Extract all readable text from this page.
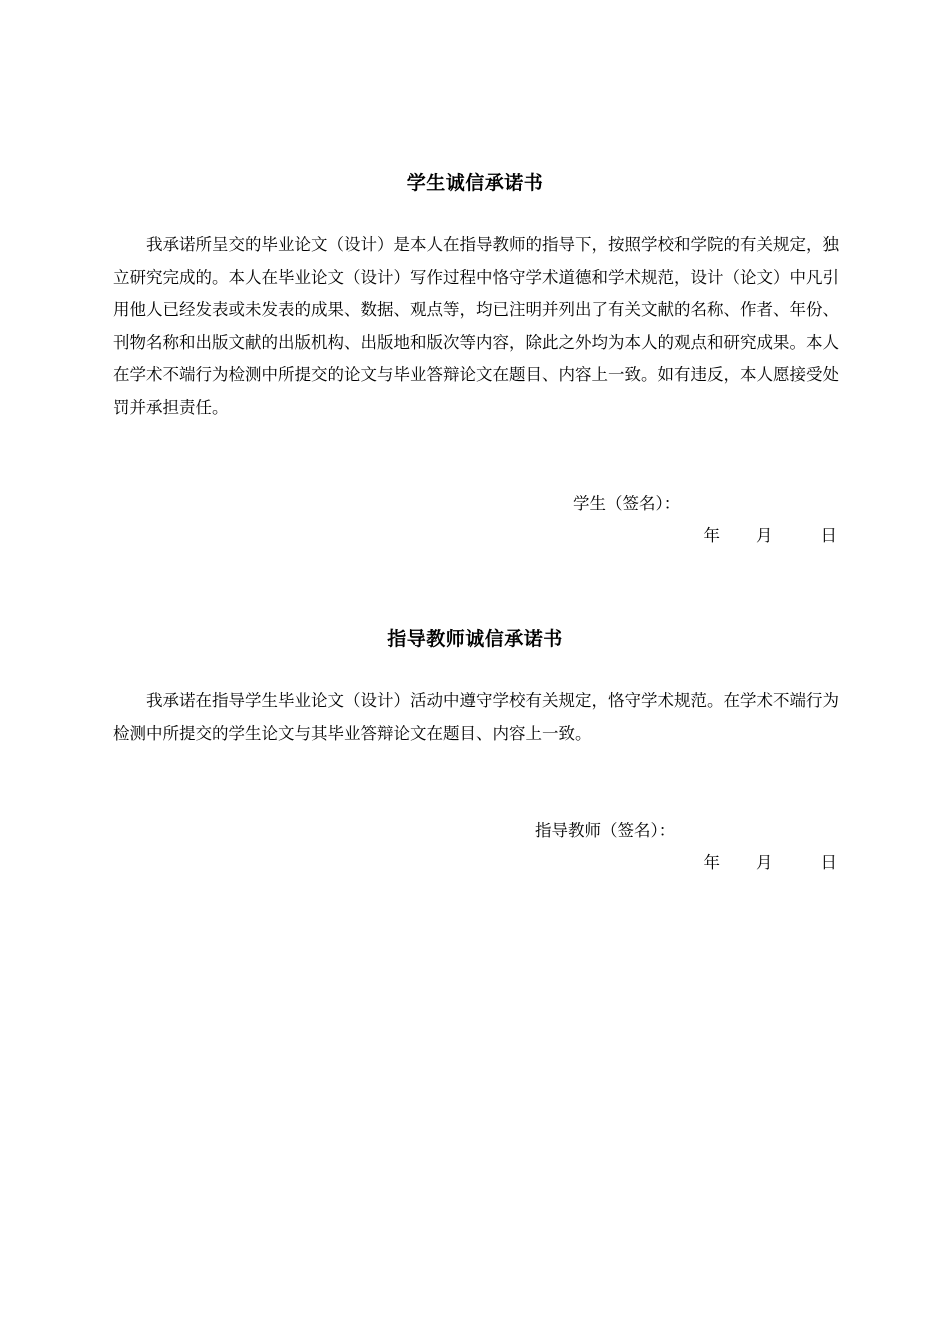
学生诚信承诺书

我承诺所呈交的毕业论文（设计）是本人在指导教师的指导下，按照学校和学院的有关规定，独立研究完成的。本人在毕业论文（设计）写作过程中恪守学术道德和学术规范，设计（论文）中凡引用他人已经发表或未发表的成果、数据、观点等，均已注明并列出了有关文献的名称、作者、年份、刊物名称和出版文献的出版机构、出版地和版次等内容，除此之外均为本人的观点和研究成果。本人在学术不端行为检测中所提交的论文与毕业答辩论文在题目、内容上一致。如有违反，本人愿接受处罚并承担责任。

学生（签名）：

年 月	日

指导教师诚信承诺书

我承诺在指导学生毕业论文（设计）活动中遵守学校有关规定，恪守学术规范。在学术不端行为检测中所提交的学生论文与其毕业答辩论文在题目、内容上一致。

指导教师（签名）：

年 月	日
